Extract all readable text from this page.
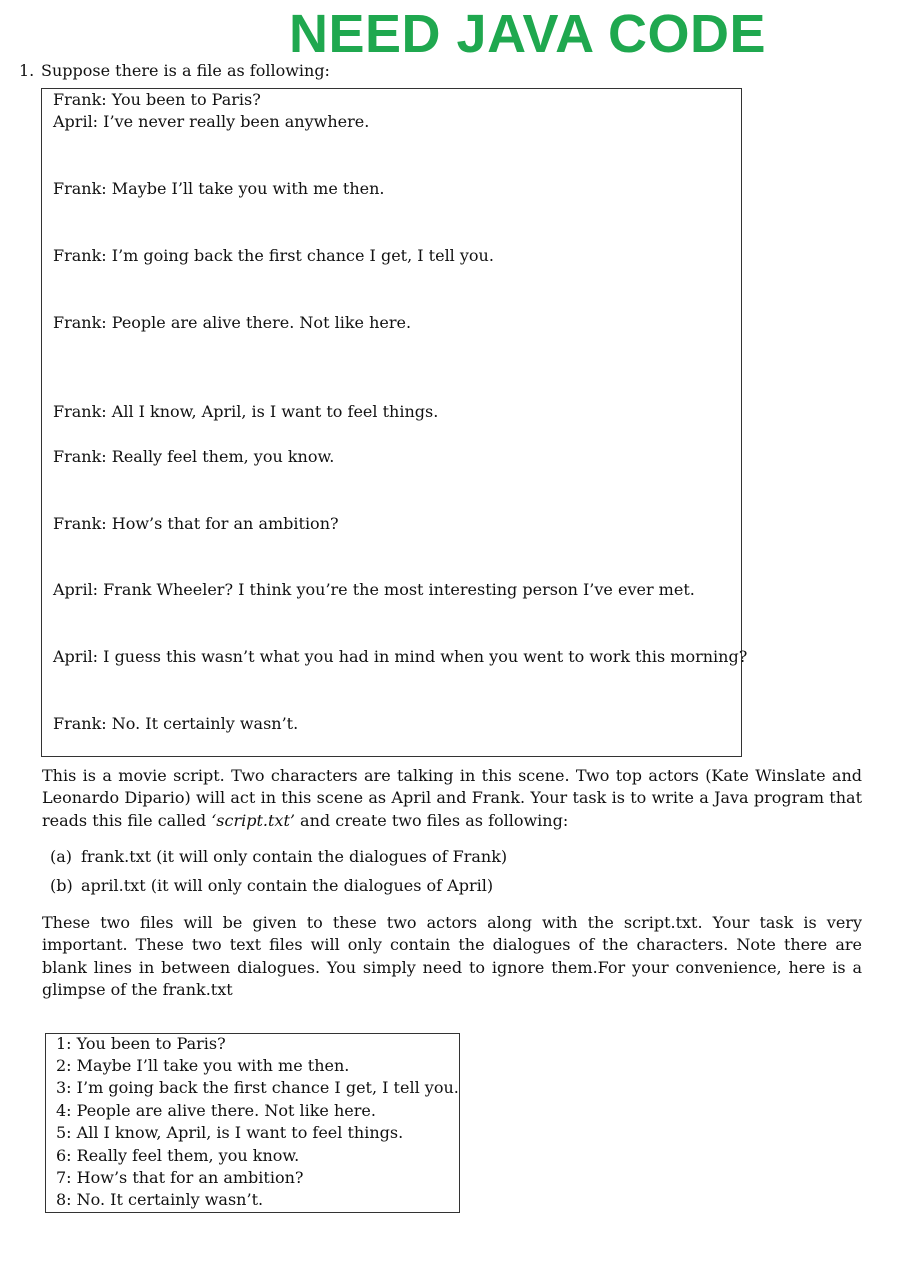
NEED JAVA CODE
1. Suppose there is a file as following:
Frank: You been to Paris?
April: I’ve never really been anywhere.
Frank: Maybe I’ll take you with me then.
Frank: I’m going back the first chance I get, I tell you.
Frank: People are alive there. Not like here.
Frank: All I know, April, is I want to feel things.
Frank: Really feel them, you know.
Frank: How’s that for an ambition?
April: Frank Wheeler? I think you’re the most interesting person I’ve ever met.
April: I guess this wasn’t what you had in mind when you went to work this morning?
Frank: No. It certainly wasn’t.
This is a movie script. Two characters are talking in this scene. Two top actors (Kate Winslate and Leonardo Dipario) will act in this scene as April and Frank. Your task is to write a Java program that reads this file called ‘script.txt’ and create two files as following:
(a) frank.txt (it will only contain the dialogues of Frank)
(b) april.txt (it will only contain the dialogues of April)
These two files will be given to these two actors along with the script.txt. Your task is very important. These two text files will only contain the dialogues of the characters. Note there are blank lines in between dialogues. You simply need to ignore them.For your convenience, here is a glimpse of the frank.txt
1: You been to Paris?
2: Maybe I’ll take you with me then.
3: I’m going back the first chance I get, I tell you.
4: People are alive there. Not like here.
5: All I know, April, is I want to feel things.
6: Really feel them, you know.
7: How’s that for an ambition?
8: No. It certainly wasn’t.
